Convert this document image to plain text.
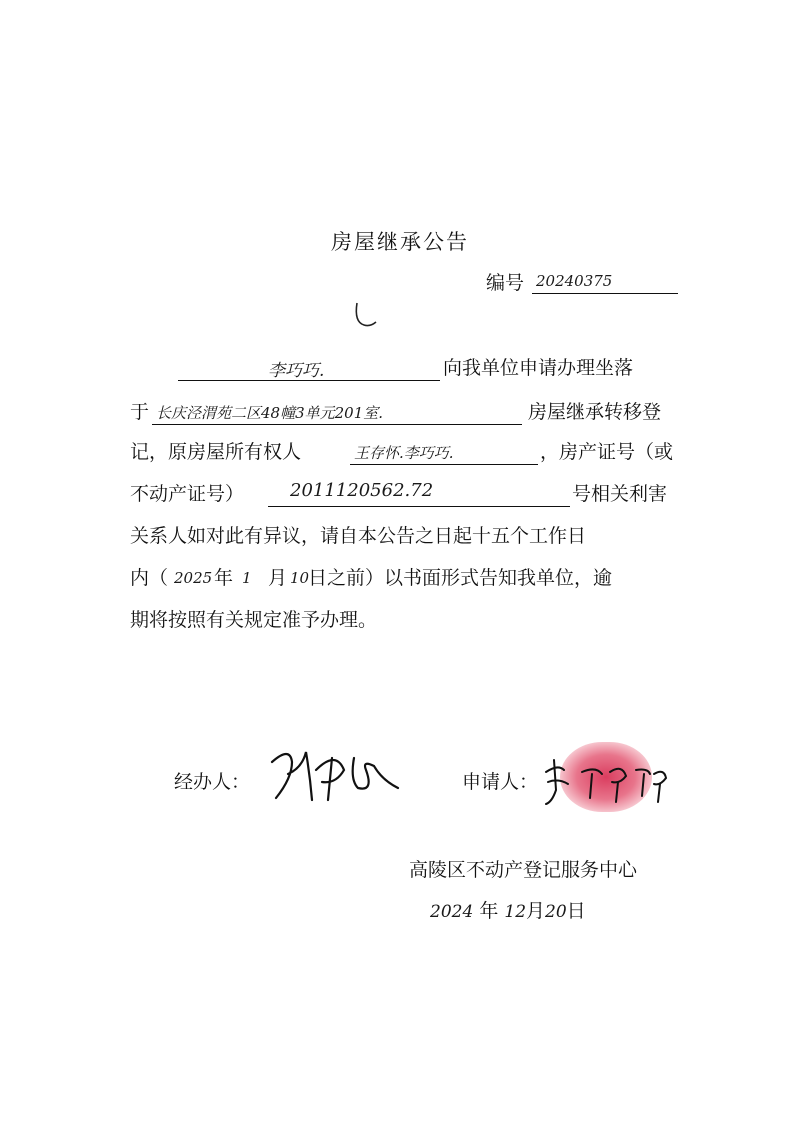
房屋继承公告
编号 20240375
李巧巧.	向我单位申请办理坐落
于 长庆泾渭苑二区48幢3单元201室.	房屋继承转移登
记，原房屋所有权人	王存怀.李巧巧.	，房产证号（或
不动产证号）	2011120562.72	号相关利害
关系人如对此有异议，请自本公告之日起十五个工作日
内（ 2025 年 1 月 10
日之前）以书面形式告知我单位，逾
期将按照有关规定准予办理。
经办人：	申请人：
高陵区不动产登记服务中心
2024 年 12月20日
